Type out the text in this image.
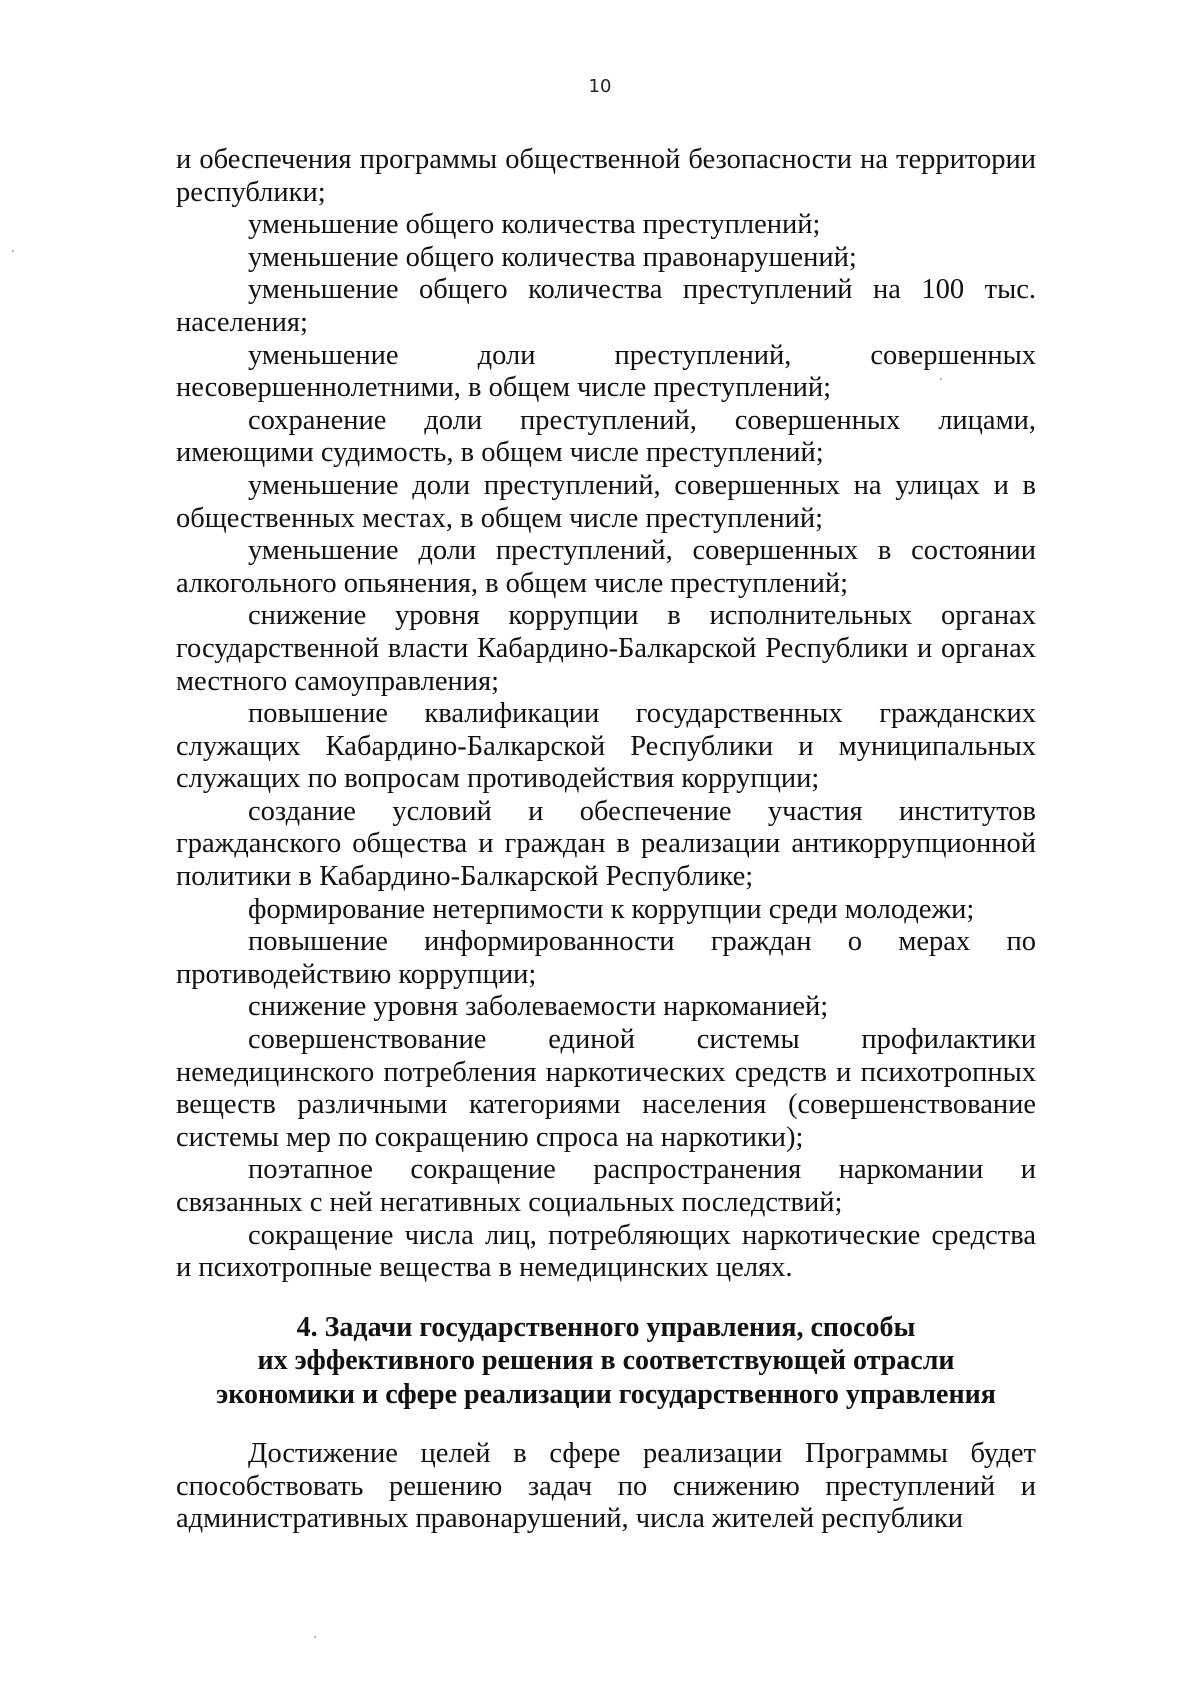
10

и обеспечения программы общественной безопасности на территории республики;

уменьшение общего количества преступлений;

уменьшение общего количества правонарушений;

уменьшение общего количества преступлений на 100 тыс. населения;

уменьшение доли преступлений, совершенных несовершеннолетними, в общем числе преступлений;

сохранение доли преступлений, совершенных лицами, имеющими судимость, в общем числе преступлений;

уменьшение доли преступлений, совершенных на улицах и в общественных местах, в общем числе преступлений;

уменьшение доли преступлений, совершенных в состоянии алкогольного опьянения, в общем числе преступлений;

снижение уровня коррупции в исполнительных органах государственной власти Кабардино-Балкарской Республики и органах местного самоуправления;

повышение квалификации государственных гражданских служащих Кабардино-Балкарской Республики и муниципальных служащих по вопросам противодействия коррупции;

создание условий и обеспечение участия институтов гражданского общества и граждан в реализации антикоррупционной политики в Кабардино-Балкарской Республике;

формирование нетерпимости к коррупции среди молодежи;

повышение информированности граждан о мерах по противодействию коррупции;

снижение уровня заболеваемости наркоманией;

совершенствование единой системы профилактики немедицинского потребления наркотических средств и психотропных веществ различными категориями населения (совершенствование системы мер по сокращению спроса на наркотики);

поэтапное сокращение распространения наркомании и связанных с ней негативных социальных последствий;

сокращение числа лиц, потребляющих наркотические средства и психотропные вещества в немедицинских целях.

4. Задачи государственного управления, способы
их эффективного решения в соответствующей отрасли
экономики и сфере реализации государственного управления

Достижение целей в сфере реализации Программы будет способствовать решению задач по снижению преступлений и административных правонарушений, числа жителей республики
